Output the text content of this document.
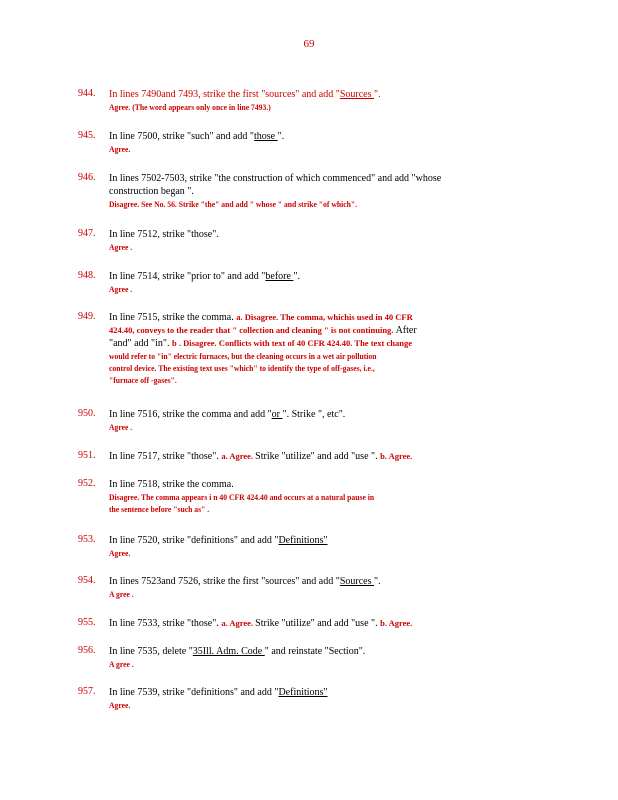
69
944. In lines 7490and 7493, strike the first "sources" and add "Sources ".
Agree. (The word appears only once in line 7493.)
945. In line 7500, strike "such" and add "those ".
Agree.
946. In lines 7502-7503, strike "the construction of which commenced" and add "whose
construction began ".
Disagree. See No. 56. Strike "the" and add " whose " and strike "of which".
947. In line 7512, strike "those".
Agree .
948. In line 7514, strike "prior to" and add "before ".
Agree .
949. In line 7515, strike the comma. a. Disagree. The comma, whichis used in 40 CFR
424.40, conveys to the reader that " collection and cleaning " is not continuing. After
"and" add "in". b . Disagree. Conflicts with text of 40 CFR 424.40. The text change
would refer to "in" electric furnaces, but the cleaning occurs in a wet air pollution
control device. The existing text uses "which" to identify the type of off-gases, i.e.,
"furnace off -gases".
950. In line 7516, strike the comma and add "or ". Strike ", etc".
Agree .
951. In line 7517, strike "those". a. Agree. Strike "utilize" and add "use ". b. Agree.
952. In line 7518, strike the comma.
Disagree. The comma appears i n 40 CFR 424.40 and occurs at a natural pause in
the sentence before "such as" .
953. In line 7520, strike "definitions" and add "Definitions"
Agree.
954. In lines 7523and 7526, strike the first "sources" and add "Sources ".
A gree .
955. In line 7533, strike "those". a. Agree. Strike "utilize" and add "use ". b. Agree.
956. In line 7535, delete "35Ill. Adm. Code " and reinstate "Section".
A gree .
957. In line 7539, strike "definitions" and add "Definitions"
Agree.
